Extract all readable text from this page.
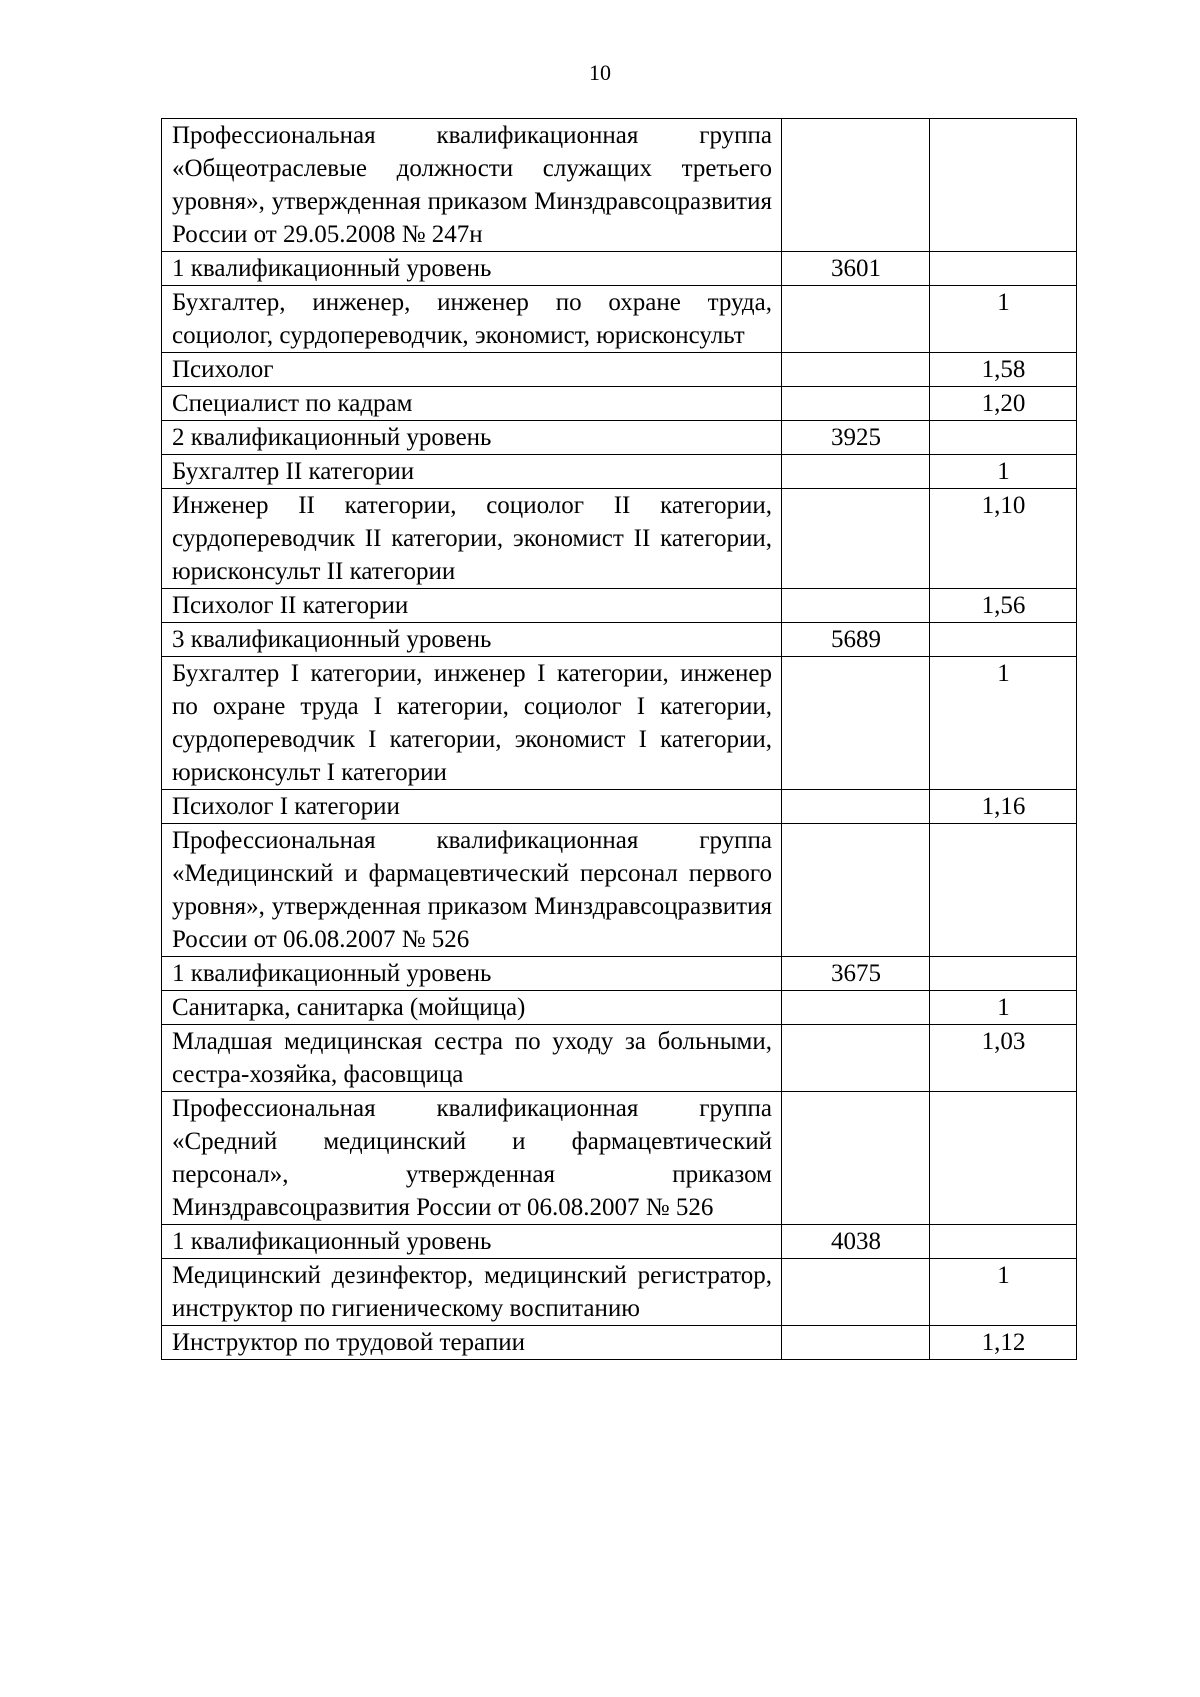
10
Профессиональная квалификационная группа «Общеотраслевые должности служащих третьего уровня», утвержденная приказом Минздравсоцразвития России от 29.05.2008 № 247н		
1 квалификационный уровень	3601	
Бухгалтер, инженер, инженер по охране труда, социолог, сурдопереводчик, экономист, юрисконсульт		1
Психолог		1,58
Специалист по кадрам		1,20
2 квалификационный уровень	3925	
Бухгалтер II категории		1
Инженер II категории, социолог II категории, сурдопереводчик II категории, экономист II категории, юрисконсульт II категории		1,10
Психолог II категории		1,56
3 квалификационный уровень	5689	
Бухгалтер I категории, инженер I категории, инженер по охране труда I категории, социолог I категории, сурдопереводчик I категории, экономист I категории, юрисконсульт I категории		1
Психолог I категории		1,16
Профессиональная квалификационная группа «Медицинский и фармацевтический персонал первого уровня», утвержденная приказом Минздравсоцразвития России от 06.08.2007 № 526		
1 квалификационный уровень	3675	
Санитарка, санитарка (мойщица)		1
Младшая медицинская сестра по уходу за больными, сестра-хозяйка, фасовщица		1,03
Профессиональная квалификационная группа «Средний медицинский и фармацевтический персонал», утвержденная приказом Минздравсоцразвития России от 06.08.2007 № 526		
1 квалификационный уровень	4038	
Медицинский дезинфектор, медицинский регистратор, инструктор по гигиеническому воспитанию		1
Инструктор по трудовой терапии		1,12
